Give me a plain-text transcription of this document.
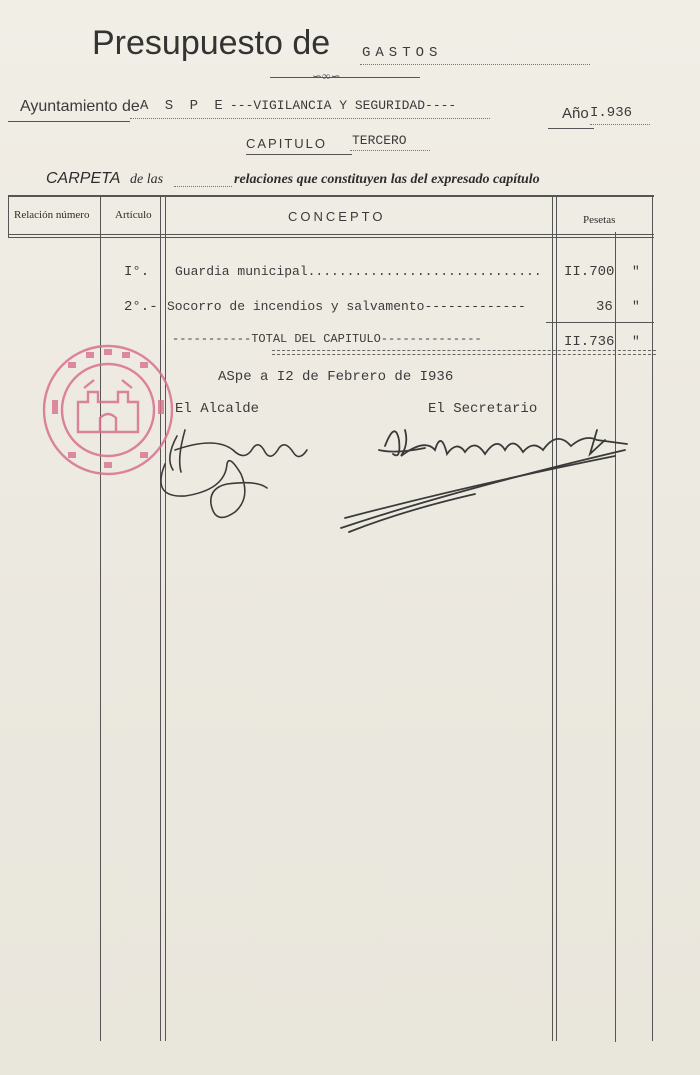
Presupuesto de GASTOS
∽∞∽
Ayuntamiento de A S P E ---VIGILANCIA Y SEGURIDAD----	Año I.936
CAPITULO TERCERO
CARPETA de las	relaciones que constituyen las del expresado capítulo
Relación número Artículo	CONCEPTO	Pesetas
I°. Guardia municipal.............................. II.700 "
2°.- Socorro de incendios y salvamento-------------	36 "
-----------TOTAL DEL CAPITULO--------------	II.736 "
ASpe a I2 de Febrero de I936
El Alcalde	El Secretario
